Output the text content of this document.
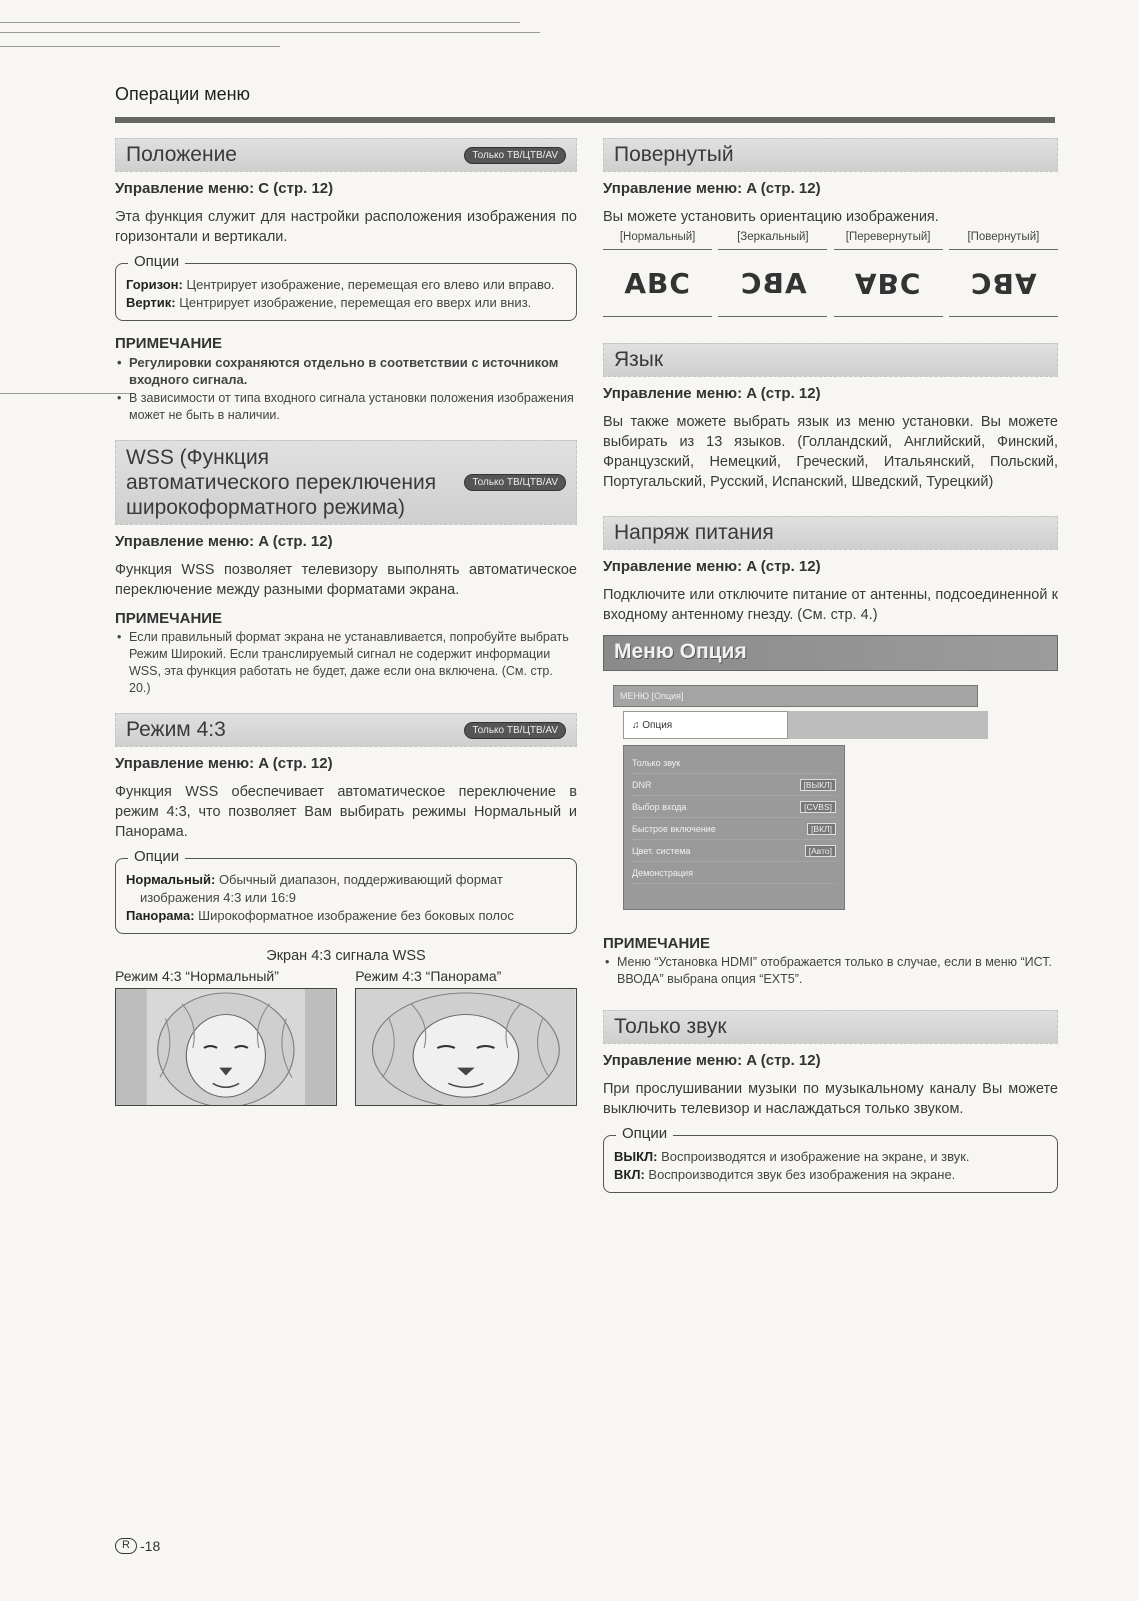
Операции меню
Положение	Только ТВ/ЦТВ/AV
Управление меню: C (стр. 12)
Эта функция служит для настройки расположения изображения по горизонтали и вертикали.
Опции
Горизон: Центрирует изображение, перемещая его влево или вправо.
Вертик: Центрирует изображение, перемещая его вверх или вниз.
ПРИМЕЧАНИЕ
• Регулировки сохраняются отдельно в соответствии с источником входного сигнала.
• В зависимости от типа входного сигнала установки положения изображения может не быть в наличии.
WSS (Функция
автоматического переключения
широкоформатного режима)
Только ТВ/ЦТВ/AV
Управление меню: A (стр. 12)
Функция WSS позволяет телевизору выполнять автоматическое переключение между разными форматами экрана.
ПРИМЕЧАНИЕ
• Если правильный формат экрана не устанавливается, попробуйте выбрать Режим Широкий. Если транслируемый сигнал не содержит информации WSS, эта функция работать не будет, даже если она включена. (См. стр. 20.)
Режим 4:3	Только ТВ/ЦТВ/AV
Управление меню: A (стр. 12)
Функция WSS обеспечивает автоматическое переключение в режим 4:3, что позволяет Вам выбирать режимы Нормальный и Панорама.
Опции
Нормальный: Обычный диапазон, поддерживающий формат изображения 4:3 или 16:9
Панорама: Широкоформатное изображение без боковых полос
Экран 4:3 сигнала WSS
Режим 4:3 “Нормальный”	Режим 4:3 “Панорама”
Повернутый
Управление меню: A (стр. 12)
Вы можете установить ориентацию изображения.
[Нормальный]
ABC
[Зеркальный]
ABC
[Перевернутый]
ABC
[Повернутый]
ABC
Язык
Управление меню: A (стр. 12)
Вы также можете выбрать язык из меню установки. Вы можете выбирать из 13 языков. (Голландский, Английский, Финский, Французский, Немецкий, Греческий, Итальянский, Польский, Португальский, Русский, Испанский, Шведский, Турецкий)
Напряж питания
Управление меню: A (стр. 12)
Подключите или отключите питание от антенны, подсоединенной к входному антенному гнезду. (См. стр. 4.)
Меню Опция
МЕНЮ [Опция]
♫ Опция
Только звук
DNR	[ВЫКЛ]
Выбор входа	[CVBS]
Быстрое включение	[ВКЛ]
Цвет. система	[Авто]
Демонстрация
ПРИМЕЧАНИЕ
• Меню “Установка HDMI” отображается только в случае, если в меню “ИСТ. ВВОДА” выбрана опция “EXT5”.
Только звук
Управление меню: A (стр. 12)
При прослушивании музыки по музыкальному каналу Вы можете выключить телевизор и наслаждаться только звуком.
Опции
ВЫКЛ: Воспроизводятся и изображение на экране, и звук.
ВКЛ: Воспроизводится звук без изображения на экране.
R -18
